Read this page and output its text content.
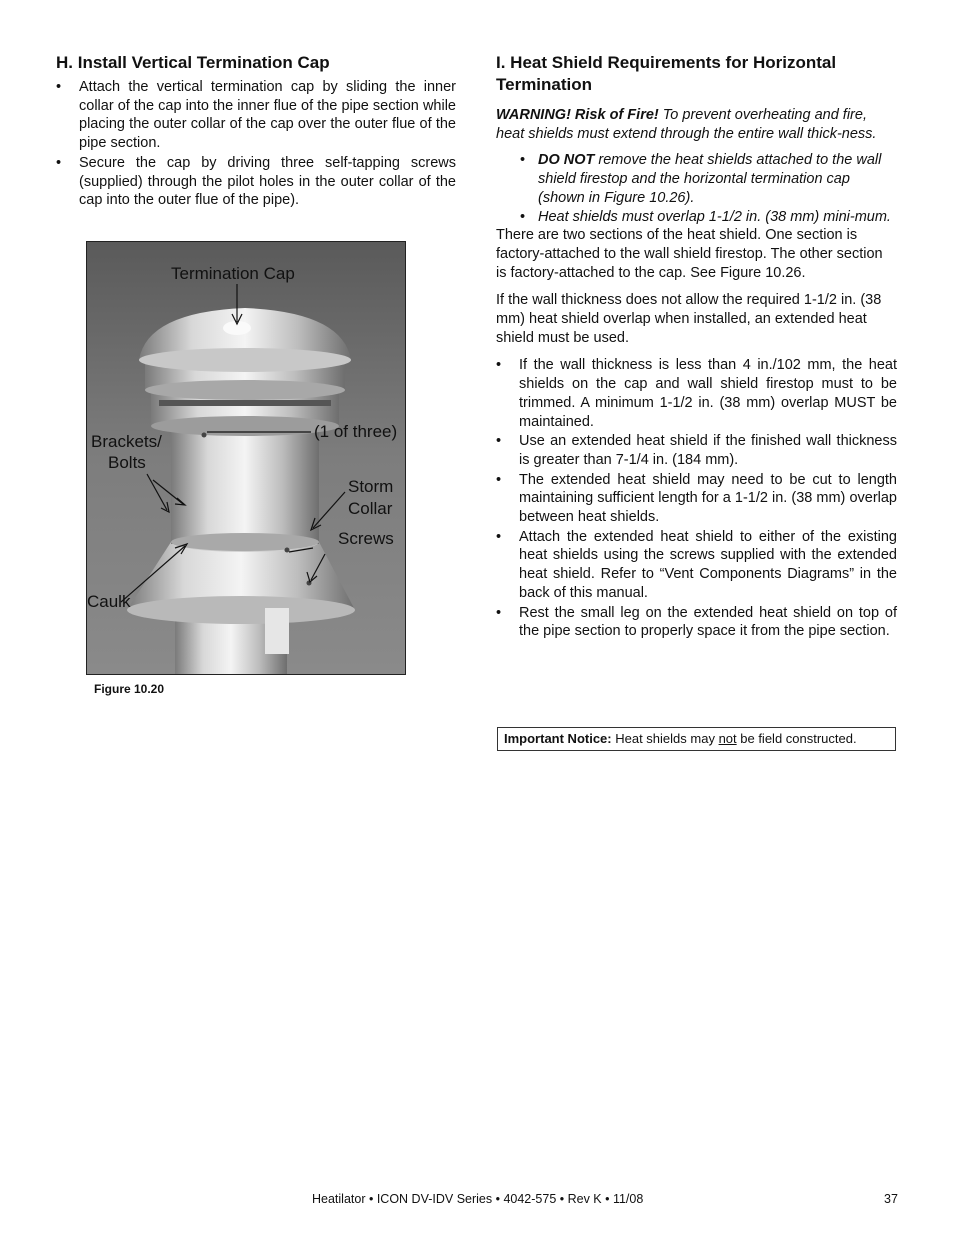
H. Install Vertical Termination Cap
• Attach the vertical termination cap by sliding the inner collar of the cap into the inner flue of the pipe section while placing the outer collar of the cap over the outer flue of the pipe section.
• Secure the cap by driving three self-tapping screws (supplied) through the pilot holes in the outer collar of the cap into the outer flue of the pipe).
Termination Cap
(1 of three)
Brackets/
Bolts
Storm
Collar
Screws
Caulk
Figure 10.20
I. Heat Shield Requirements for Horizontal Termination

WARNING! Risk of Fire! To prevent overheating and fire, heat shields must extend through the entire wall thick-ness.

• DO NOT remove the heat shields attached to the wall shield firestop and the horizontal termination cap (shown in Figure 10.26).
• Heat shields must overlap 1-1/2 in. (38 mm) mini-mum.

There are two sections of the heat shield. One section is factory-attached to the wall shield firestop. The other section is factory-attached to the cap. See Figure 10.26.

If the wall thickness does not allow the required 1-1/2 in. (38 mm) heat shield overlap when installed, an extended heat shield must be used.

• If the wall thickness is less than 4 in./102 mm, the heat shields on the cap and wall shield firestop must to be trimmed. A minimum 1-1/2 in. (38 mm) overlap MUST be maintained.
• Use an extended heat shield if the finished wall thickness is greater than 7-1/4 in. (184 mm).
• The extended heat shield may need to be cut to length maintaining sufficient length for a 1-1/2 in. (38 mm) overlap between heat shields.
• Attach the extended heat shield to either of the existing heat shields using the screws supplied with the extended heat shield. Refer to “Vent Components Diagrams” in the back of this manual.
• Rest the small leg on the extended heat shield on top of the pipe section to properly space it from the pipe section.
Important Notice: Heat shields may not be field constructed.
Heatilator • ICON DV-IDV Series • 4042-575 • Rev K • 11/08	37
